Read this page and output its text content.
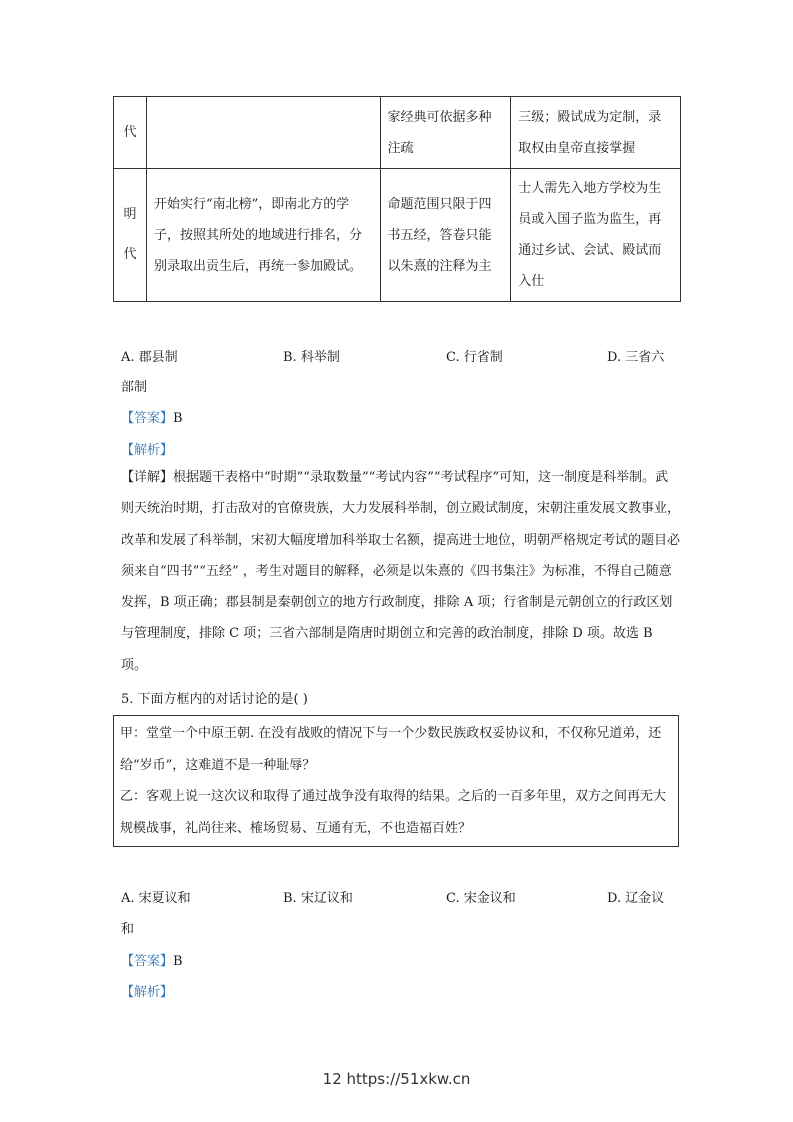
代		家经典可依据多种注疏	三级；殿试成为定制，录取权由皇帝直接掌握
明代	开始实行“南北榜”，即南北方的学子，按照其所处的地域进行排名，分别录取出贡生后，再统一参加殿试。	命题范围只限于四书五经，答卷只能以朱熹的注释为主	士人需先入地方学校为生员或入国子监为监生，再通过乡试、会试、殿试而入仕
A. 郡县制	B. 科举制	C. 行省制	D. 三省六
部制
【答案】B
【解析】
【详解】根据题干表格中“时期”“录取数量”“考试内容”“考试程序”可知，这一制度是科举制。武则天统治时期，打击敌对的官僚贵族，大力发展科举制，创立殿试制度，宋朝注重发展文教事业，改革和发展了科举制，宋初大幅度增加科举取士名额，提高进士地位，明朝严格规定考试的题目必须来自“四书”“五经” ，考生对题目的解释，必须是以朱熹的《四书集注》为标准，不得自己随意发挥，B 项正确；郡县制是秦朝创立的地方行政制度，排除 A 项；行省制是元朝创立的行政区划与管理制度，排除 C 项；三省六部制是隋唐时期创立和完善的政治制度，排除 D 项。故选 B 项。
5. 下面方框内的对话讨论的是( )
甲：堂堂一个中原王朝. 在没有战败的情况下与一个少数民族政权妥协议和，不仅称兄道弟，还给“岁币”，这难道不是一种耻辱？
乙：客观上说一这次议和取得了通过战争没有取得的结果。之后的一百多年里，双方之间再无大规模战事，礼尚往来、榷场贸易、互通有无，不也造福百姓？
A. 宋夏议和	B. 宋辽议和	C. 宋金议和	D. 辽金议
和
【答案】B
【解析】
12 https://51xkw.cn
